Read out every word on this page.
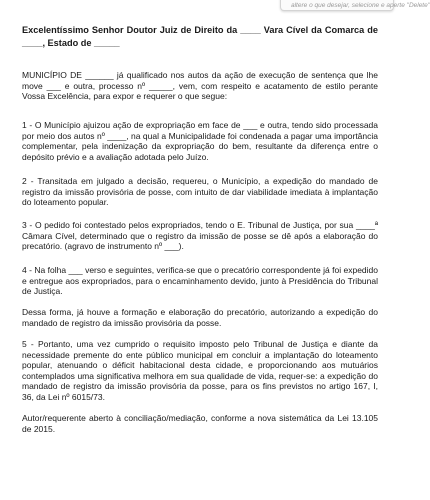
altere o que desejar, selecione e aperte "Delete"

Excelentíssimo Senhor Doutor Juiz de Direito da ____ Vara Cível da Comarca de ____, Estado de _____

MUNICÍPIO DE ______ já qualificado nos autos da ação de execução de sentença que lhe move ___ e outra, processo nº _____, vem, com respeito e acatamento de estilo perante Vossa Excelência, para expor e requerer o que segue:

1 - O Município ajuizou ação de expropriação em face de ___ e outra, tendo sido processada por meio dos autos nº ____, na qual a Municipalidade foi condenada a pagar uma importância complementar, pela indenização da expropriação do bem, resultante da diferença entre o depósito prévio e a avaliação adotada pelo Juízo.

2 - Transitada em julgado a decisão, requereu, o Município, a expedição do mandado de registro da imissão provisória de posse, com intuito de dar viabilidade imediata à implantação do loteamento popular.

3 - O pedido foi contestado pelos expropriados, tendo o E. Tribunal de Justiça, por sua ____ª Câmara Cível, determinado que o registro da imissão de posse se dê após a elaboração do precatório. (agravo de instrumento nº ___).

4 - Na folha ___ verso e seguintes, verifica-se que o precatório correspondente já foi expedido e entregue aos expropriados, para o encaminhamento devido, junto à Presidência do Tribunal de Justiça.

Dessa forma, já houve a formação e elaboração do precatório, autorizando a expedição do mandado de registro da imissão provisória da posse.

5 - Portanto, uma vez cumprido o requisito imposto pelo Tribunal de Justiça e diante da necessidade premente do ente público municipal em concluir a implantação do loteamento popular, atenuando o déficit habitacional desta cidade, e proporcionando aos mutuários contemplados uma significativa melhora em sua qualidade de vida, requer-se: a expedição do mandado de registro da imissão provisória da posse, para os fins previstos no artigo 167, I, 36, da Lei nº 6015/73.

Autor/requerente aberto à conciliação/mediação, conforme a nova sistemática da Lei 13.105 de 2015.
